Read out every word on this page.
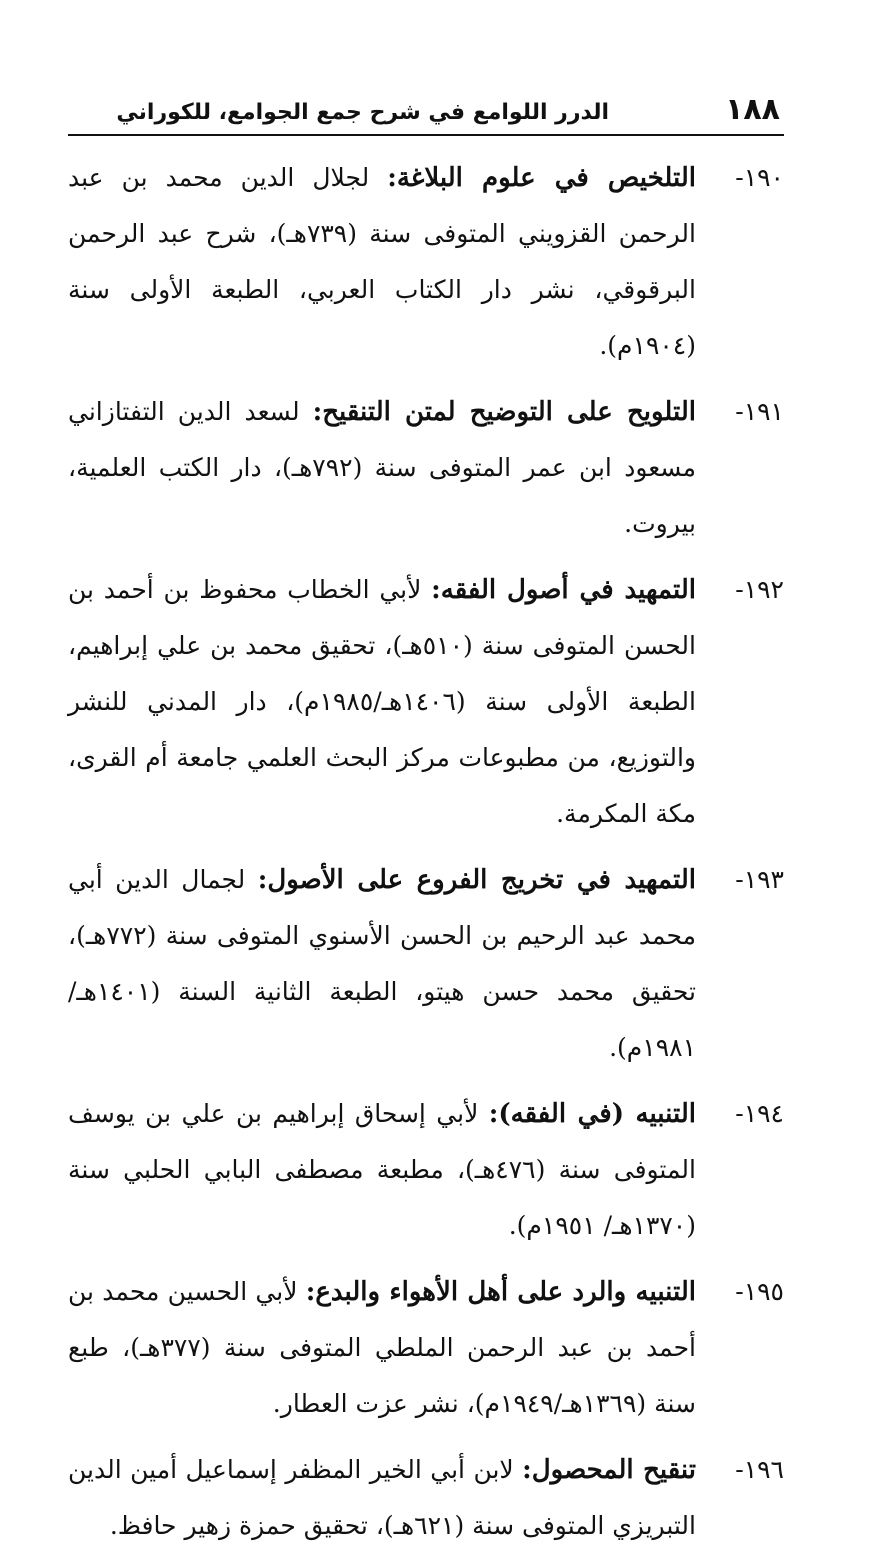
١٨٨
الدرر اللوامع في شرح جمع الجوامع، للكوراني
١٩٠-
التلخيص في علوم البلاغة: لجلال الدين محمد بن عبد الرحمن القزويني المتوفى سنة (٧٣٩هـ)، شرح عبد الرحمن البرقوقي، نشر دار الكتاب العربي، الطبعة الأولى سنة (١٩٠٤م).
١٩١-
التلويح على التوضيح لمتن التنقيح: لسعد الدين التفتازاني مسعود ابن عمر المتوفى سنة (٧٩٢هـ)، دار الكتب العلمية، بيروت.
١٩٢-
التمهيد في أصول الفقه: لأبي الخطاب محفوظ بن أحمد بن الحسن المتوفى سنة (٥١٠هـ)، تحقيق محمد بن علي إبراهيم، الطبعة الأولى سنة (١٤٠٦هـ/١٩٨٥م)، دار المدني للنشر والتوزيع، من مطبوعات مركز البحث العلمي جامعة أم القرى، مكة المكرمة.
١٩٣-
التمهيد في تخريج الفروع على الأصول: لجمال الدين أبي محمد عبد الرحيم بن الحسن الأسنوي المتوفى سنة (٧٧٢هـ)، تحقيق محمد حسن هيتو، الطبعة الثانية السنة (١٤٠١هـ/١٩٨١م).
١٩٤-
التنبيه (في الفقه): لأبي إسحاق إبراهيم بن علي بن يوسف المتوفى سنة (٤٧٦هـ)، مطبعة مصطفى البابي الحلبي سنة (١٣٧٠هـ/ ١٩٥١م).
١٩٥-
التنبيه والرد على أهل الأهواء والبدع: لأبي الحسين محمد بن أحمد بن عبد الرحمن الملطي المتوفى سنة (٣٧٧هـ)، طبع سنة (١٣٦٩هـ/١٩٤٩م)، نشر عزت العطار.
١٩٦-
تنقيح المحصول: لابن أبي الخير المظفر إسماعيل أمين الدين التبريزي المتوفى سنة (٦٢١هـ)، تحقيق حمزة زهير حافظ.
